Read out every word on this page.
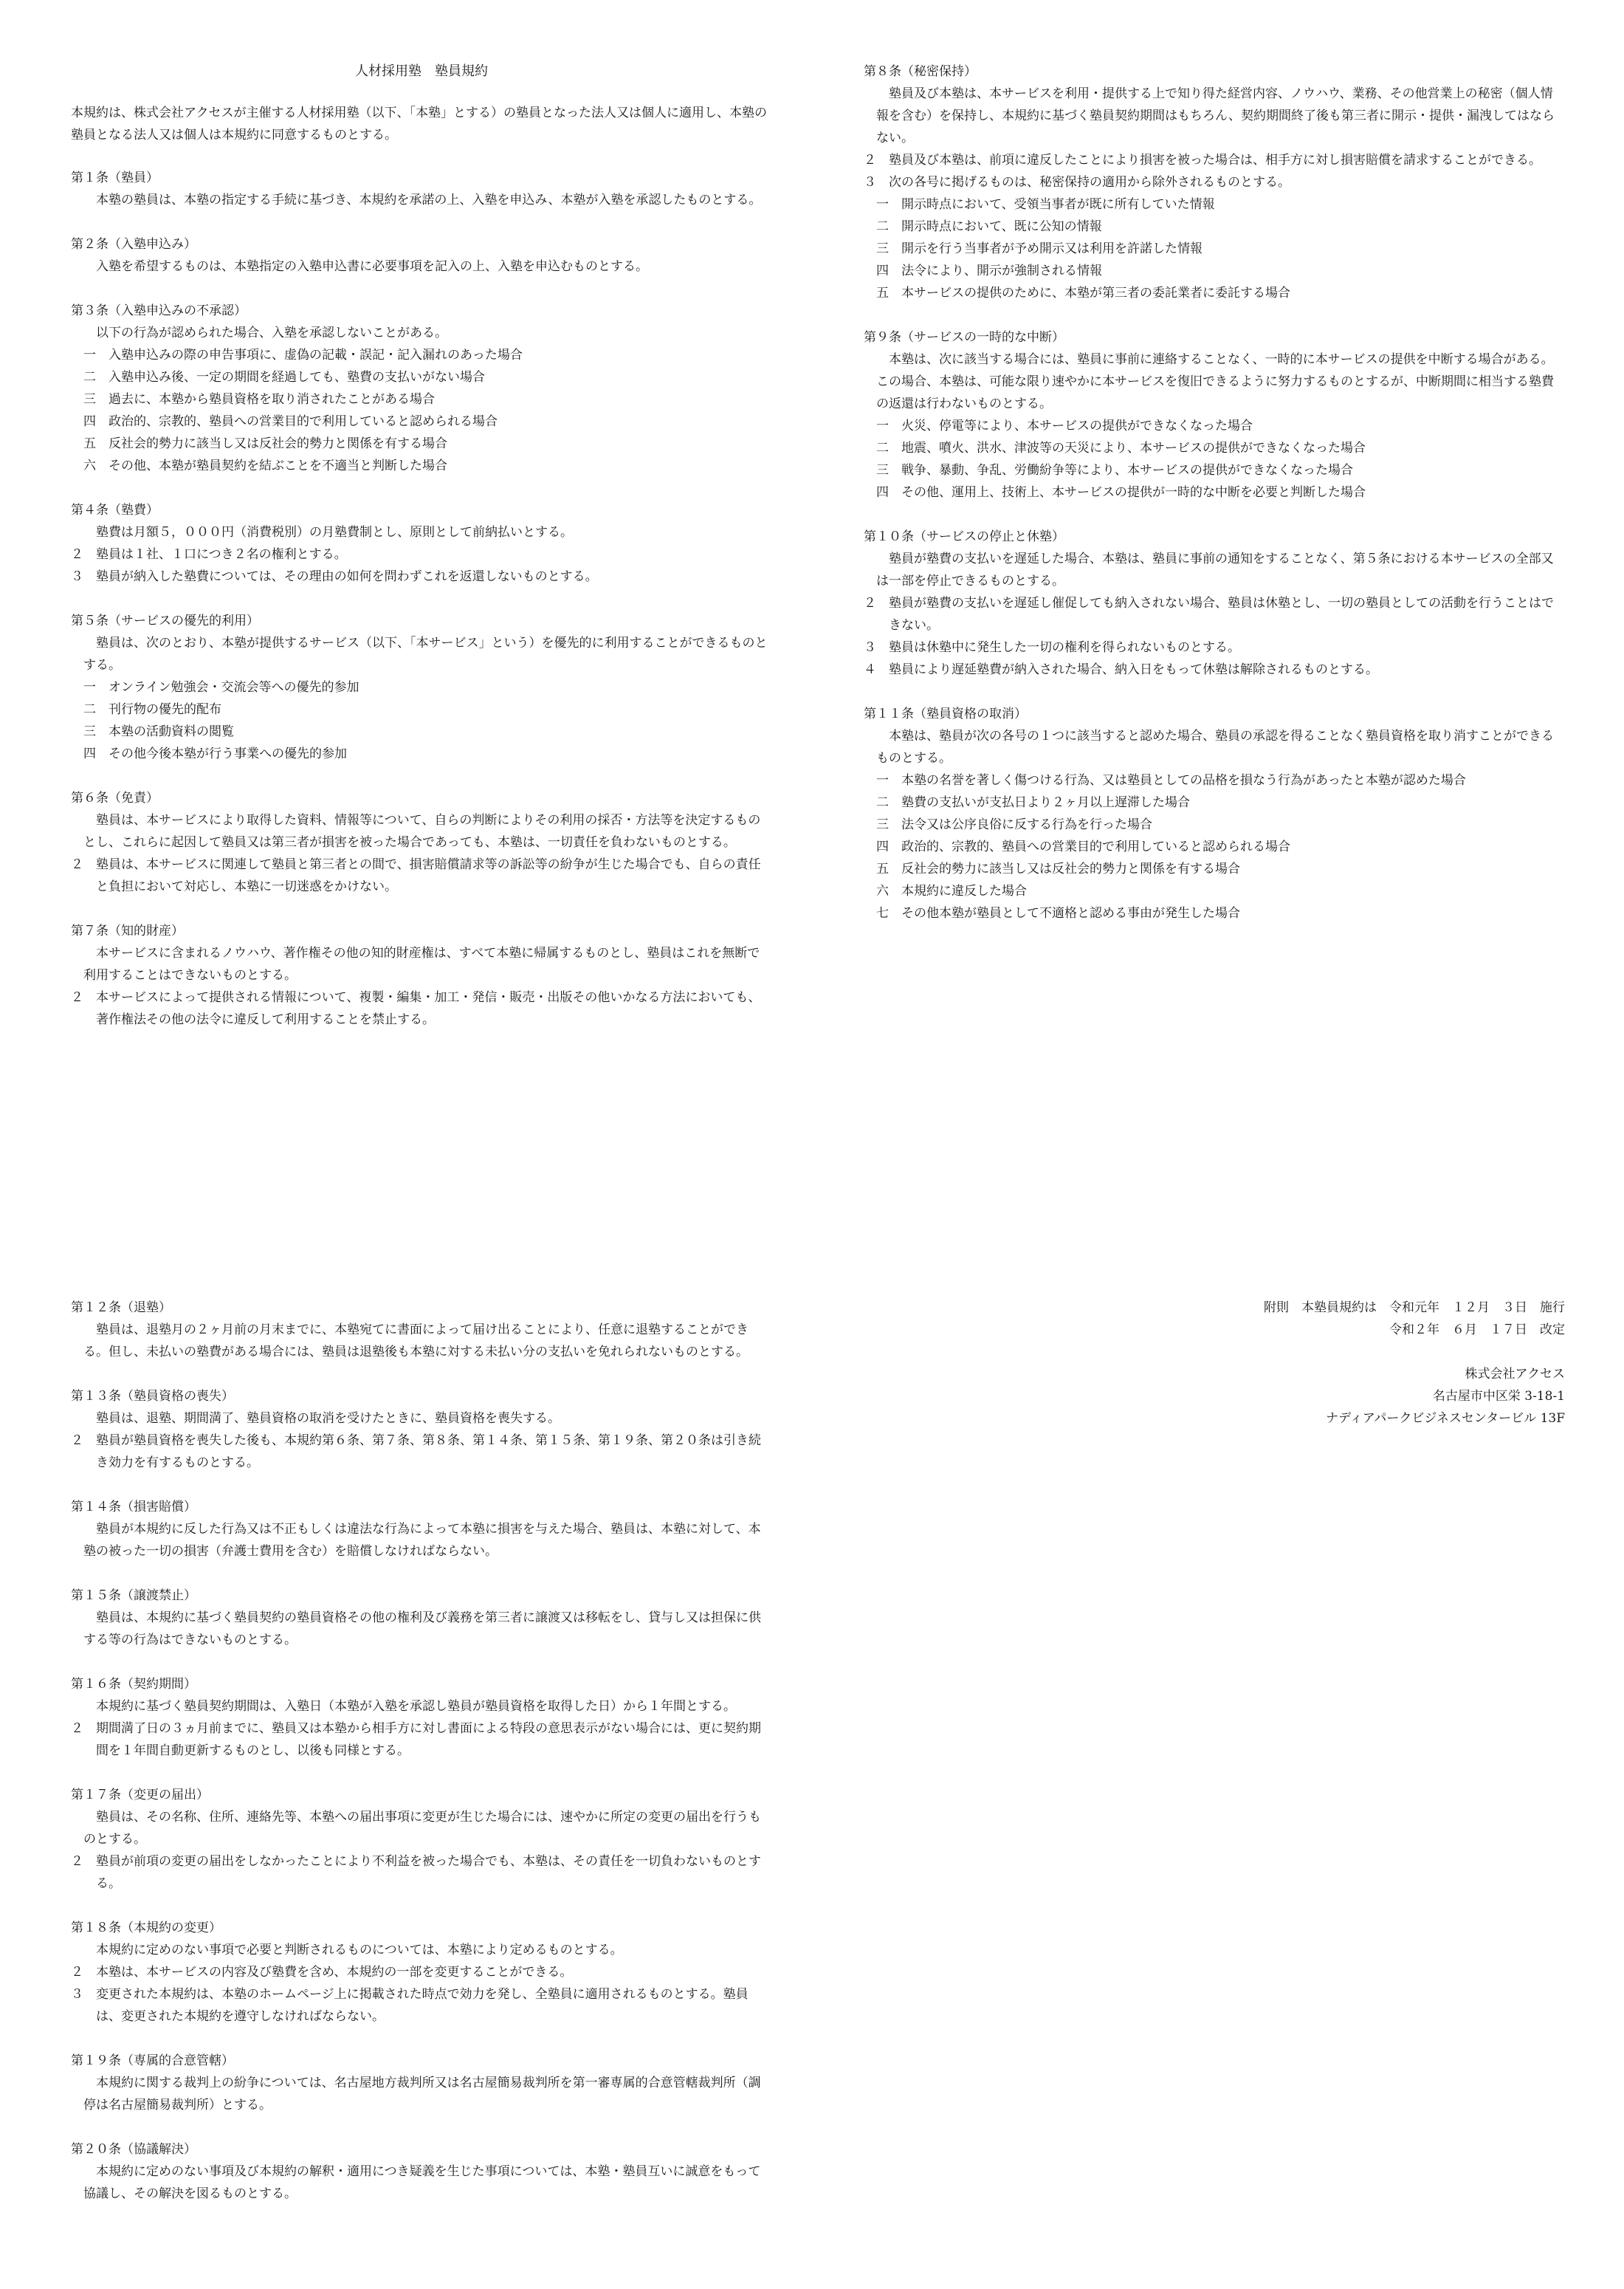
人材採用塾　塾員規約

本規約は、株式会社アクセスが主催する人材採用塾（以下、「本塾」とする）の塾員となった法人又は個人に適用し、本塾の塾員となる法人又は個人は本規約に同意するものとする。

第１条（塾員）

本塾の塾員は、本塾の指定する手続に基づき、本規約を承諾の上、入塾を申込み、本塾が入塾を承認したものとする。

第２条（入塾申込み）

入塾を希望するものは、本塾指定の入塾申込書に必要事項を記入の上、入塾を申込むものとする。

第３条（入塾申込みの不承認）

以下の行為が認められた場合、入塾を承認しないことがある。

一 入塾申込みの際の申告事項に、虚偽の記載・誤記・記入漏れのあった場合

二 入塾申込み後、一定の期間を経過しても、塾費の支払いがない場合

三 過去に、本塾から塾員資格を取り消されたことがある場合

四 政治的、宗教的、塾員への営業目的で利用していると認められる場合

五 反社会的勢力に該当し又は反社会的勢力と関係を有する場合

六 その他、本塾が塾員契約を結ぶことを不適当と判断した場合

第４条（塾費）

塾費は月額５，０００円（消費税別）の月塾費制とし、原則として前納払いとする。

２ 塾員は１社、１口につき２名の権利とする。

３ 塾員が納入した塾費については、その理由の如何を問わずこれを返還しないものとする。

第５条（サービスの優先的利用）

塾員は、次のとおり、本塾が提供するサービス（以下、「本サービス」という）を優先的に利用することができるものとする。

一 オンライン勉強会・交流会等への優先的参加

二 刊行物の優先的配布

三 本塾の活動資料の閲覧

四 その他今後本塾が行う事業への優先的参加

第６条（免責）

塾員は、本サービスにより取得した資料、情報等について、自らの判断によりその利用の採否・方法等を決定するものとし、これらに起因して塾員又は第三者が損害を被った場合であっても、本塾は、一切責任を負わないものとする。

２ 塾員は、本サービスに関連して塾員と第三者との間で、損害賠償請求等の訴訟等の紛争が生じた場合でも、自らの責任と負担において対応し、本塾に一切迷惑をかけない。

第７条（知的財産）

本サービスに含まれるノウハウ、著作権その他の知的財産権は、すべて本塾に帰属するものとし、塾員はこれを無断で利用することはできないものとする。

２ 本サービスによって提供される情報について、複製・編集・加工・発信・販売・出版その他いかなる方法においても、著作権法その他の法令に違反して利用することを禁止する。

第８条（秘密保持）

塾員及び本塾は、本サービスを利用・提供する上で知り得た経営内容、ノウハウ、業務、その他営業上の秘密（個人情報を含む）を保持し、本規約に基づく塾員契約期間はもちろん、契約期間終了後も第三者に開示・提供・漏洩してはならない。

２ 塾員及び本塾は、前項に違反したことにより損害を被った場合は、相手方に対し損害賠償を請求することができる。

３ 次の各号に掲げるものは、秘密保持の適用から除外されるものとする。

一 開示時点において、受領当事者が既に所有していた情報

二 開示時点において、既に公知の情報

三 開示を行う当事者が予め開示又は利用を許諾した情報

四 法令により、開示が強制される情報

五 本サービスの提供のために、本塾が第三者の委託業者に委託する場合

第９条（サービスの一時的な中断）

本塾は、次に該当する場合には、塾員に事前に連絡することなく、一時的に本サービスの提供を中断する場合がある。この場合、本塾は、可能な限り速やかに本サービスを復旧できるように努力するものとするが、中断期間に相当する塾費の返還は行わないものとする。

一 火災、停電等により、本サービスの提供ができなくなった場合

二 地震、噴火、洪水、津波等の天災により、本サービスの提供ができなくなった場合

三 戦争、暴動、争乱、労働紛争等により、本サービスの提供ができなくなった場合

四 その他、運用上、技術上、本サービスの提供が一時的な中断を必要と判断した場合

第１０条（サービスの停止と休塾）

塾員が塾費の支払いを遅延した場合、本塾は、塾員に事前の通知をすることなく、第５条における本サービスの全部又は一部を停止できるものとする。

２ 塾員が塾費の支払いを遅延し催促しても納入されない場合、塾員は休塾とし、一切の塾員としての活動を行うことはできない。

３ 塾員は休塾中に発生した一切の権利を得られないものとする。

４ 塾員により遅延塾費が納入された場合、納入日をもって休塾は解除されるものとする。

第１１条（塾員資格の取消）

本塾は、塾員が次の各号の１つに該当すると認めた場合、塾員の承認を得ることなく塾員資格を取り消すことができるものとする。

一 本塾の名誉を著しく傷つける行為、又は塾員としての品格を損なう行為があったと本塾が認めた場合

二 塾費の支払いが支払日より２ヶ月以上遅滞した場合

三 法令又は公序良俗に反する行為を行った場合

四 政治的、宗教的、塾員への営業目的で利用していると認められる場合

五 反社会的勢力に該当し又は反社会的勢力と関係を有する場合

六 本規約に違反した場合

七 その他本塾が塾員として不適格と認める事由が発生した場合

第１２条（退塾）

塾員は、退塾月の２ヶ月前の月末までに、本塾宛てに書面によって届け出ることにより、任意に退塾することができる。但し、未払いの塾費がある場合には、塾員は退塾後も本塾に対する未払い分の支払いを免れられないものとする。

第１３条（塾員資格の喪失）

塾員は、退塾、期間満了、塾員資格の取消を受けたときに、塾員資格を喪失する。

２ 塾員が塾員資格を喪失した後も、本規約第６条、第７条、第８条、第１４条、第１５条、第１９条、第２０条は引き続き効力を有するものとする。

第１４条（損害賠償）

塾員が本規約に反した行為又は不正もしくは違法な行為によって本塾に損害を与えた場合、塾員は、本塾に対して、本塾の被った一切の損害（弁護士費用を含む）を賠償しなければならない。

第１５条（譲渡禁止）

塾員は、本規約に基づく塾員契約の塾員資格その他の権利及び義務を第三者に譲渡又は移転をし、貸与し又は担保に供する等の行為はできないものとする。

第１６条（契約期間）

本規約に基づく塾員契約期間は、入塾日（本塾が入塾を承認し塾員が塾員資格を取得した日）から１年間とする。

２ 期間満了日の３ヵ月前までに、塾員又は本塾から相手方に対し書面による特段の意思表示がない場合には、更に契約期間を１年間自動更新するものとし、以後も同様とする。

第１７条（変更の届出）

塾員は、その名称、住所、連絡先等、本塾への届出事項に変更が生じた場合には、速やかに所定の変更の届出を行うものとする。

２ 塾員が前項の変更の届出をしなかったことにより不利益を被った場合でも、本塾は、その責任を一切負わないものとする。

第１８条（本規約の変更）

本規約に定めのない事項で必要と判断されるものについては、本塾により定めるものとする。

２ 本塾は、本サービスの内容及び塾費を含め、本規約の一部を変更することができる。

３ 変更された本規約は、本塾のホームページ上に掲載された時点で効力を発し、全塾員に適用されるものとする。塾員は、変更された本規約を遵守しなければならない。

第１９条（専属的合意管轄）

本規約に関する裁判上の紛争については、名古屋地方裁判所又は名古屋簡易裁判所を第一審専属的合意管轄裁判所（調停は名古屋簡易裁判所）とする。

第２０条（協議解決）

本規約に定めのない事項及び本規約の解釈・適用につき疑義を生じた事項については、本塾・塾員互いに誠意をもって協議し、その解決を図るものとする。

附則　本塾員規約は　令和元年　１２月　３日　施行

令和２年　６月　１７日　改定

株式会社アクセス

名古屋市中区栄 3-18-1

ナディアパークビジネスセンタービル 13F
